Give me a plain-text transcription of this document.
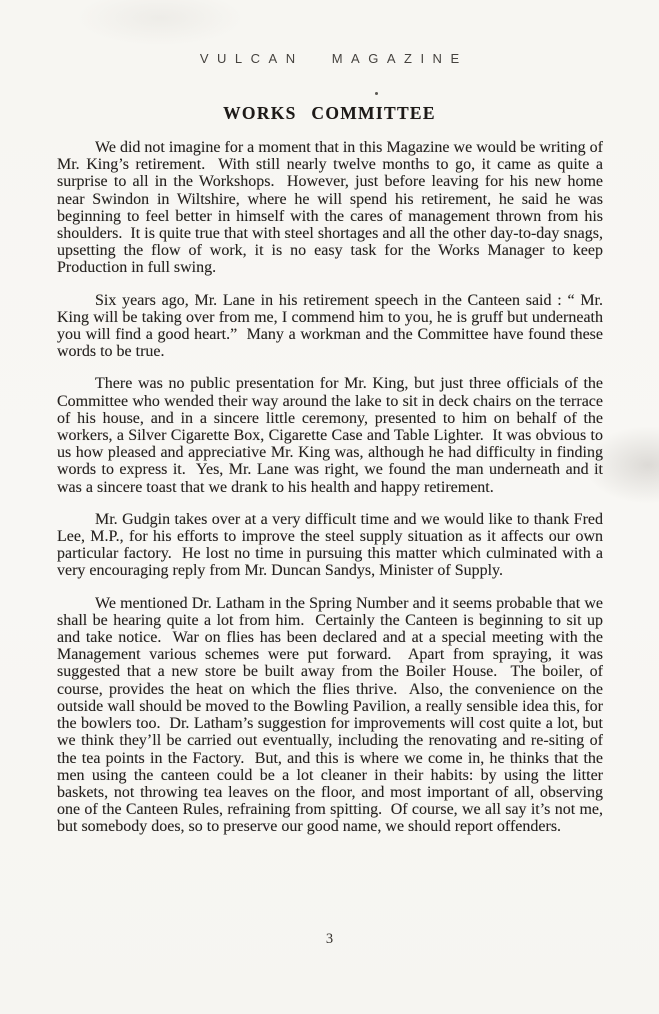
VULCAN MAGAZINE
WORKS COMMITTEE

We did not imagine for a moment that in this Magazine we would be writing of Mr. King’s retirement.  With still nearly twelve months to go, it came as quite a surprise to all in the Workshops.  However, just before leaving for his new home near Swindon in Wiltshire, where he will spend his retirement, he said he was beginning to feel better in himself with the cares of management thrown from his shoulders.  It is quite true that with steel shortages and all the other day-to-day snags, upsetting the flow of work, it is no easy task for the Works Manager to keep Production in full swing.

Six years ago, Mr. Lane in his retirement speech in the Canteen said : “ Mr. King will be taking over from me, I commend him to you, he is gruff but underneath you will find a good heart.”  Many a workman and the Committee have found these words to be true.

There was no public presentation for Mr. King, but just three officials of the Committee who wended their way around the lake to sit in deck chairs on the terrace of his house, and in a sincere little ceremony, presented to him on behalf of the workers, a Silver Cigarette Box, Cigarette Case and Table Lighter.  It was obvious to us how pleased and appreciative Mr. King was, although he had difficulty in finding words to express it.  Yes, Mr. Lane was right, we found the man underneath and it was a sincere toast that we drank to his health and happy retirement.

Mr. Gudgin takes over at a very difficult time and we would like to thank Fred Lee, M.P., for his efforts to improve the steel supply situation as it affects our own particular factory.  He lost no time in pursuing this matter which culminated with a very encouraging reply from Mr. Duncan Sandys, Minister of Supply.

We mentioned Dr. Latham in the Spring Number and it seems probable that we shall be hearing quite a lot from him.  Certainly the Canteen is beginning to sit up and take notice.  War on flies has been declared and at a special meeting with the Management various schemes were put forward.  Apart from spraying, it was suggested that a new store be built away from the Boiler House.  The boiler, of course, provides the heat on which the flies thrive.  Also, the convenience on the outside wall should be moved to the Bowling Pavilion, a really sensible idea this, for the bowlers too.  Dr. Latham’s suggestion for improvements will cost quite a lot, but we think they’ll be carried out eventually, including the renovating and re-siting of the tea points in the Factory.  But, and this is where we come in, he thinks that the men using the canteen could be a lot cleaner in their habits: by using the litter baskets, not throwing tea leaves on the floor, and most important of all, observing one of the Canteen Rules, refraining from spitting.  Of course, we all say it’s not me, but somebody does, so to preserve our good name, we should report offenders.

3
